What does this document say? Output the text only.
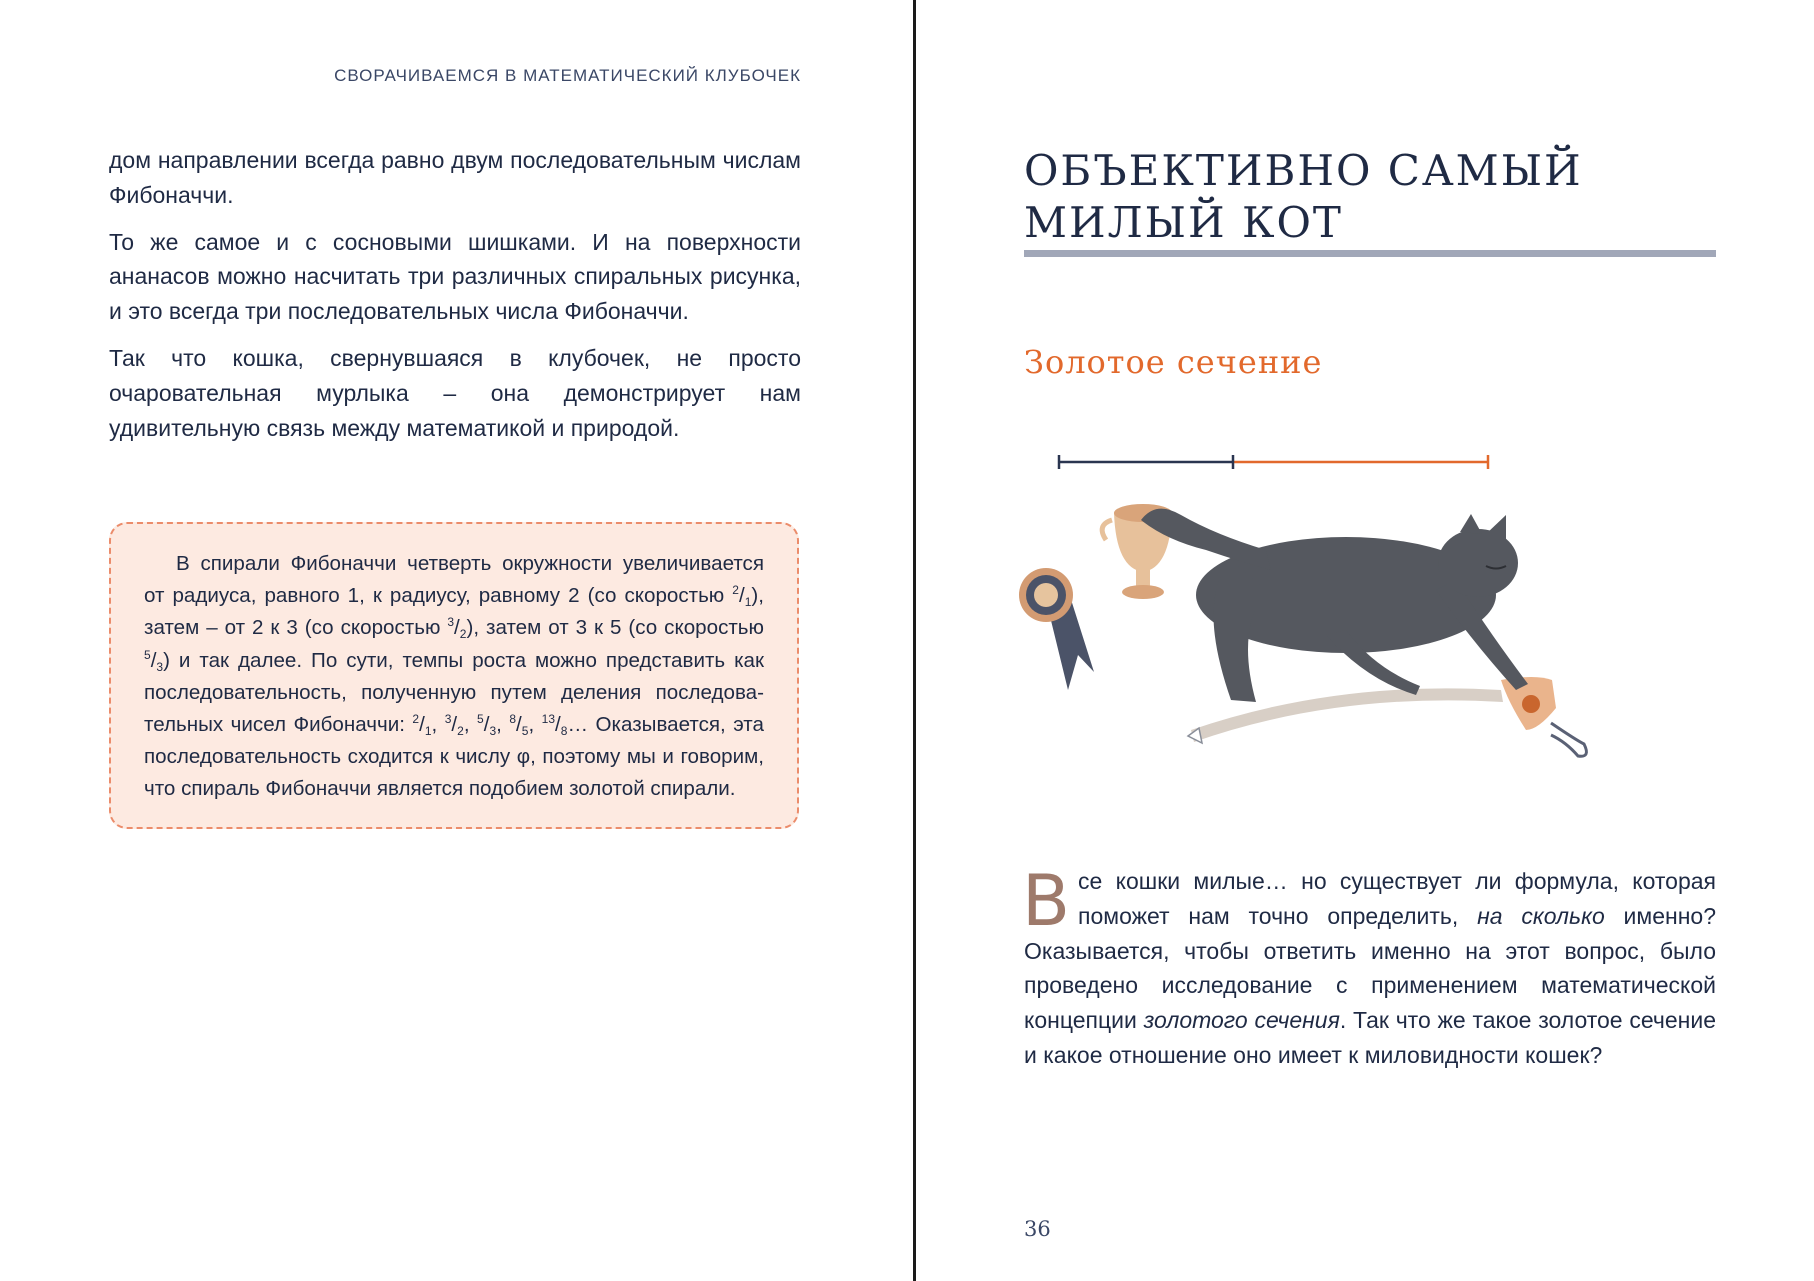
СВОРАЧИВАЕМСЯ В МАТЕМАТИЧЕСКИЙ КЛУБОЧЕК

дом направлении всегда равно двум последовательным числам Фибоначчи.

То же самое и с сосновыми шишками. И на поверхности ананасов можно насчитать три различных спиральных рисунка, и это всегда три последовательных числа Фибоначчи.

Так что кошка, свернувшаяся в клубочек, не просто очаровательная мурлыка – она демонстрирует нам удивительную связь между математикой и природой.

В спирали Фибоначчи четверть окружности увеличивается от радиуса, равного 1, к радиусу, равному 2 (со скоростью $^2/_1$), затем – от 2 к 3 (со скоростью $^3/_2$), затем от 3 к 5 (со скоростью $^5/_3$) и так далее. По сути, темпы роста можно представить как последовательность, полученную путем деления последовательных чисел Фибоначчи: $^2/_1$, $^3/_2$, $^5/_3$, $^8/_5$, $^{13}/_8\dots$ Оказывается, эта последовательность сходится к числу φ, поэтому мы и говорим, что спираль Фибоначчи является подобием золотой спирали.

ОБЪЕКТИВНО САМЫЙ
МИЛЫЙ КОТ
Золотое сечение
Все кошки милые… но существует ли формула, которая поможет нам точно определить, на сколько именно? Оказывается, чтобы ответить именно на этот вопрос, было проведено исследование с применением математической концепции золотого сечения. Так что же такое золотое сечение и какое отношение оно имеет к миловидности кошек?
36
